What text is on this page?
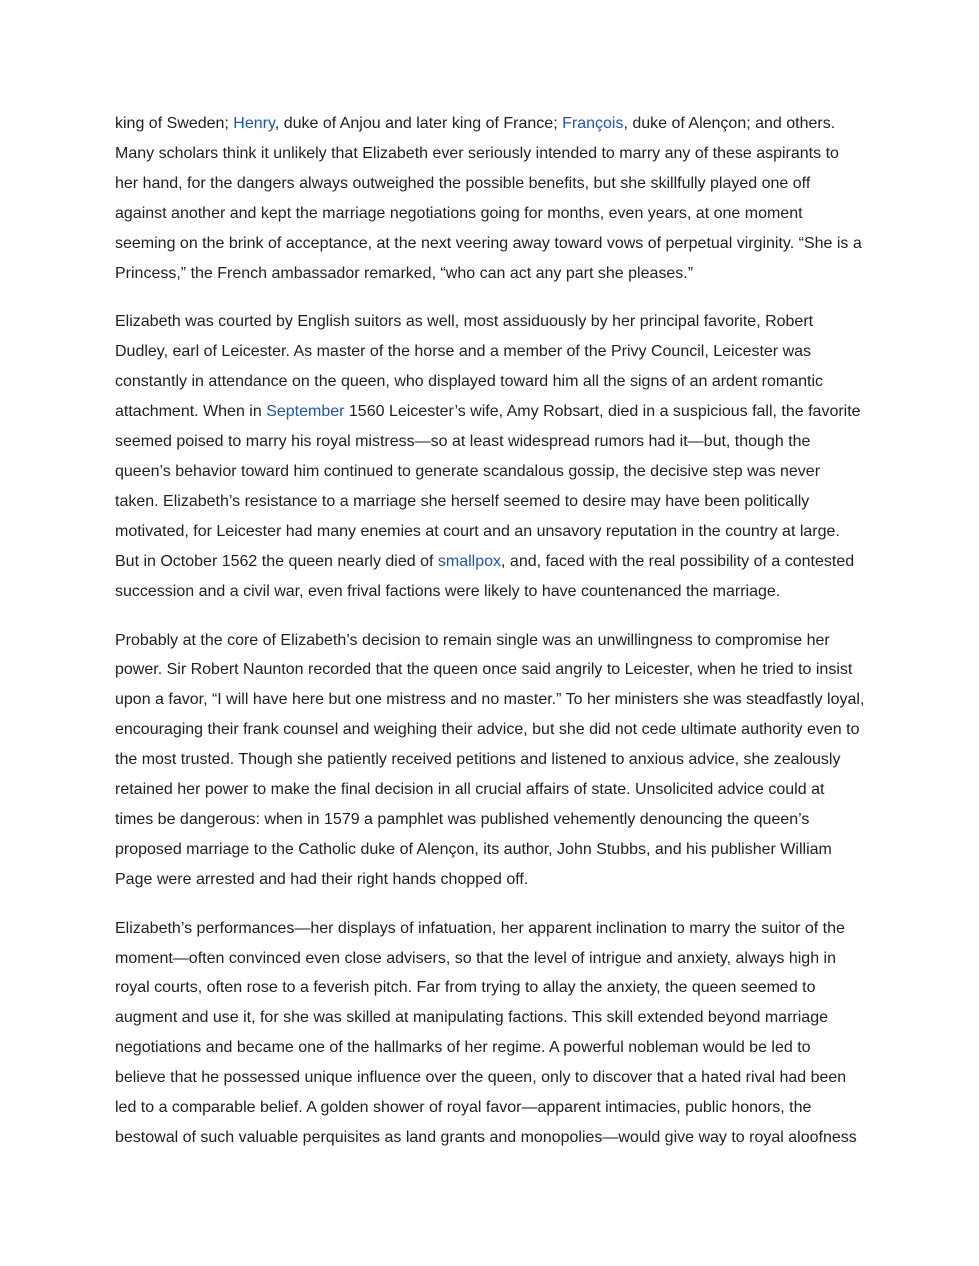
king of Sweden; Henry, duke of Anjou and later king of France; François, duke of Alençon; and others. Many scholars think it unlikely that Elizabeth ever seriously intended to marry any of these aspirants to her hand, for the dangers always outweighed the possible benefits, but she skillfully played one off against another and kept the marriage negotiations going for months, even years, at one moment seeming on the brink of acceptance, at the next veering away toward vows of perpetual virginity. “She is a Princess,” the French ambassador remarked, “who can act any part she pleases.”

Elizabeth was courted by English suitors as well, most assiduously by her principal favorite, Robert Dudley, earl of Leicester. As master of the horse and a member of the Privy Council, Leicester was constantly in attendance on the queen, who displayed toward him all the signs of an ardent romantic attachment. When in September 1560 Leicester’s wife, Amy Robsart, died in a suspicious fall, the favorite seemed poised to marry his royal mistress—so at least widespread rumors had it—but, though the queen’s behavior toward him continued to generate scandalous gossip, the decisive step was never taken. Elizabeth’s resistance to a marriage she herself seemed to desire may have been politically motivated, for Leicester had many enemies at court and an unsavory reputation in the country at large. But in October 1562 the queen nearly died of smallpox, and, faced with the real possibility of a contested succession and a civil war, even frival factions were likely to have countenanced the marriage.

Probably at the core of Elizabeth’s decision to remain single was an unwillingness to compromise her power. Sir Robert Naunton recorded that the queen once said angrily to Leicester, when he tried to insist upon a favor, “I will have here but one mistress and no master.” To her ministers she was steadfastly loyal, encouraging their frank counsel and weighing their advice, but she did not cede ultimate authority even to the most trusted. Though she patiently received petitions and listened to anxious advice, she zealously retained her power to make the final decision in all crucial affairs of state. Unsolicited advice could at times be dangerous: when in 1579 a pamphlet was published vehemently denouncing the queen’s proposed marriage to the Catholic duke of Alençon, its author, John Stubbs, and his publisher William Page were arrested and had their right hands chopped off.

Elizabeth’s performances—her displays of infatuation, her apparent inclination to marry the suitor of the moment—often convinced even close advisers, so that the level of intrigue and anxiety, always high in royal courts, often rose to a feverish pitch. Far from trying to allay the anxiety, the queen seemed to augment and use it, for she was skilled at manipulating factions. This skill extended beyond marriage negotiations and became one of the hallmarks of her regime. A powerful nobleman would be led to believe that he possessed unique influence over the queen, only to discover that a hated rival had been led to a comparable belief. A golden shower of royal favor—apparent intimacies, public honors, the bestowal of such valuable perquisites as land grants and monopolies—would give way to royal aloofness
